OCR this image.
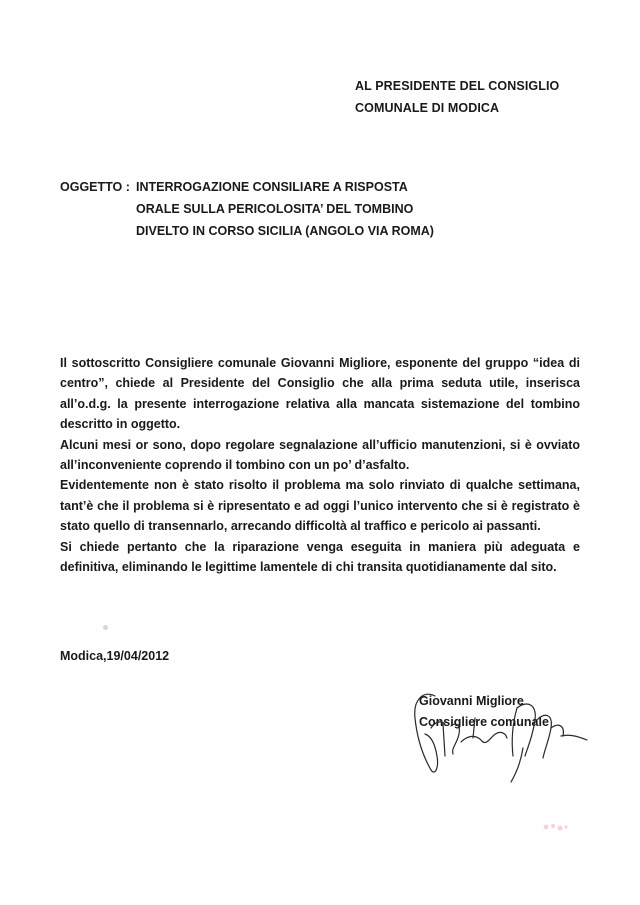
AL PRESIDENTE DEL CONSIGLIO
COMUNALE DI MODICA
OGGETTO : INTERROGAZIONE CONSILIARE A RISPOSTA
ORALE SULLA PERICOLOSITA’ DEL TOMBINO
DIVELTO IN CORSO SICILIA (ANGOLO VIA ROMA)

Il sottoscritto Consigliere comunale Giovanni Migliore, esponente del gruppo “idea di centro”, chiede al Presidente del Consiglio che alla prima seduta utile, inserisca all’o.d.g. la presente interrogazione relativa alla mancata sistemazione del tombino descritto in oggetto.

Alcuni mesi or sono, dopo regolare segnalazione all’ufficio manutenzioni, si è ovviato all’inconveniente coprendo il tombino con un po’ d’asfalto.

Evidentemente non è stato risolto il problema ma solo rinviato di qualche settimana, tant’è che il problema si è ripresentato e ad oggi l’unico intervento che si è registrato è stato quello di transennarlo, arrecando difficoltà al traffico e pericolo ai passanti.

Si chiede pertanto che la riparazione venga eseguita in maniera più adeguata e definitiva, eliminando le legittime lamentele di chi transita quotidianamente dal sito.

Modica,19/04/2012
Giovanni Migliore
Consigliere comunale
